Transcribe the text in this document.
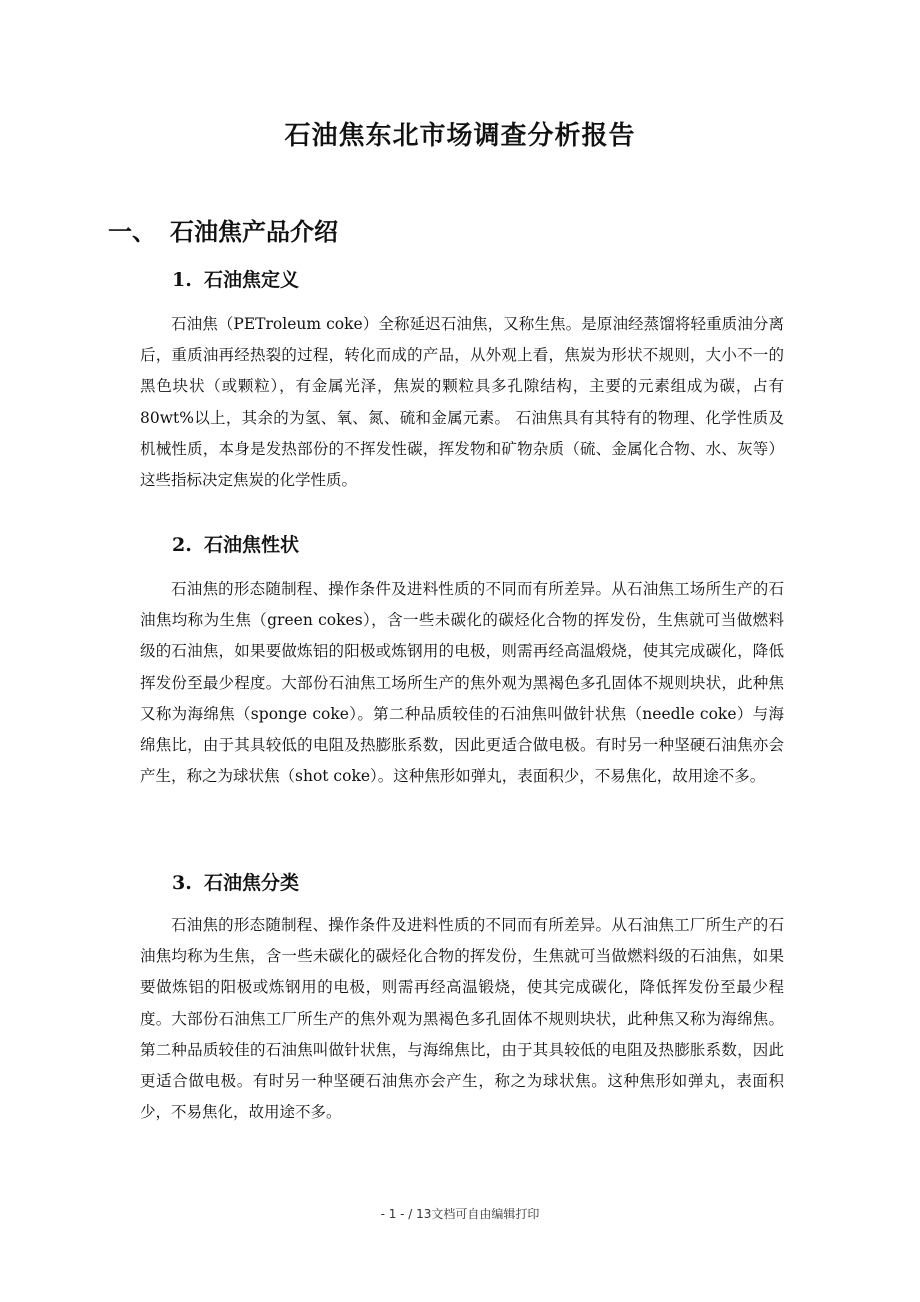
石油焦东北市场调查分析报告
一、 石油焦产品介绍
1. 石油焦定义

石油焦（PETroleum coke）全称延迟石油焦，又称生焦。是原油经蒸馏将轻重质油分离后，重质油再经热裂的过程，转化而成的产品，从外观上看，焦炭为形状不规则，大小不一的黑色块状（或颗粒），有金属光泽，焦炭的颗粒具多孔隙结构，主要的元素组成为碳，占有80wt%以上，其余的为氢、氧、氮、硫和金属元素。 石油焦具有其特有的物理、化学性质及机械性质，本身是发热部份的不挥发性碳，挥发物和矿物杂质（硫、金属化合物、水、灰等）这些指标决定焦炭的化学性质。

2. 石油焦性状

石油焦的形态随制程、操作条件及进料性质的不同而有所差异。从石油焦工场所生产的石油焦均称为生焦（green cokes），含一些未碳化的碳烃化合物的挥发份，生焦就可当做燃料级的石油焦，如果要做炼铝的阳极或炼钢用的电极，则需再经高温煅烧，使其完成碳化，降低挥发份至最少程度。大部份石油焦工场所生产的焦外观为黑褐色多孔固体不规则块状，此种焦又称为海绵焦（sponge coke）。第二种品质较佳的石油焦叫做针状焦（needle coke）与海绵焦比，由于其具较低的电阻及热膨胀系数，因此更适合做电极。有时另一种坚硬石油焦亦会产生，称之为球状焦（shot coke）。这种焦形如弹丸，表面积少，不易焦化，故用途不多。

3. 石油焦分类

石油焦的形态随制程、操作条件及进料性质的不同而有所差异。从石油焦工厂所生产的石油焦均称为生焦，含一些未碳化的碳烃化合物的挥发份，生焦就可当做燃料级的石油焦，如果要做炼铝的阳极或炼钢用的电极，则需再经高温锻烧，使其完成碳化，降低挥发份至最少程度。大部份石油焦工厂所生产的焦外观为黑褐色多孔固体不规则块状，此种焦又称为海绵焦。第二种品质较佳的石油焦叫做针状焦，与海绵焦比，由于其具较低的电阻及热膨胀系数，因此更适合做电极。有时另一种坚硬石油焦亦会产生，称之为球状焦。这种焦形如弹丸，表面积少，不易焦化，故用途不多。

- 1 - / 13文档可自由编辑打印
